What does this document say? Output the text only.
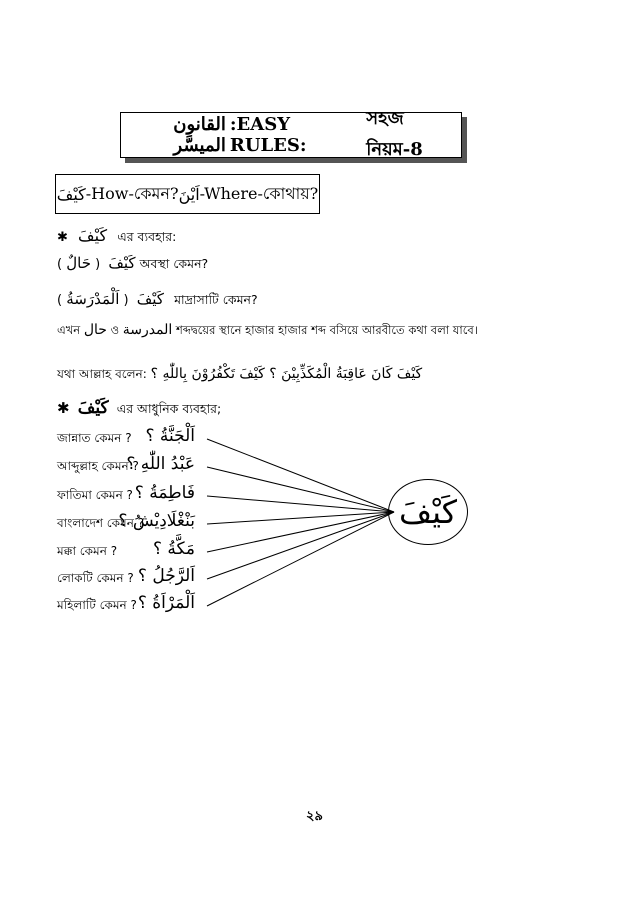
القانون الميسَّر
:EASY RULES:
সহজ নিয়ম-8
كَيْفَ -How-কেমন? اَيْنَ -Where-কোথায়?
✱ كَيْفَ এর ব্যবহার:
( حَالٌ ) كَيْفَ অবস্থা কেমন?
( اَلْمَدْرَسَةُ ) كَيْفَ মাদ্রাসাটি কেমন?
এখন حال ও المدرسة শব্দদ্বয়ের স্থানে হাজার হাজার শব্দ বসিয়ে আরবীতে কথা বলা যাবে।
যথা আল্লাহ বলেন: كَيْفَ كَانَ عَاقِبَةُ الْمُكَذِّبِيْنَ ؟ كَيْفَ تَكْفُرُوْنَ بِاللّٰهِ ؟
✱ كَيْفَ এর আধুনিক ব্যবহার;
জান্নাত কেমন ? اَلْجَنَّةُ ؟
আব্দুল্লাহ কেমন ?
عَبْدُ اللّٰهِ ؟
ফাতিমা কেমন ? فَاطِمَةُ ؟
বাংলাদেশ কেমন ?
بَنْغْلَادِيْشُ ؟
মক্কা কেমন ? مَكَّةُ ؟
লোকটি কেমন ? اَلرَّجُلُ ؟
মহিলাটি কেমন ? اَلْمَرْاَةُ ؟
كَيْفَ
২৯
